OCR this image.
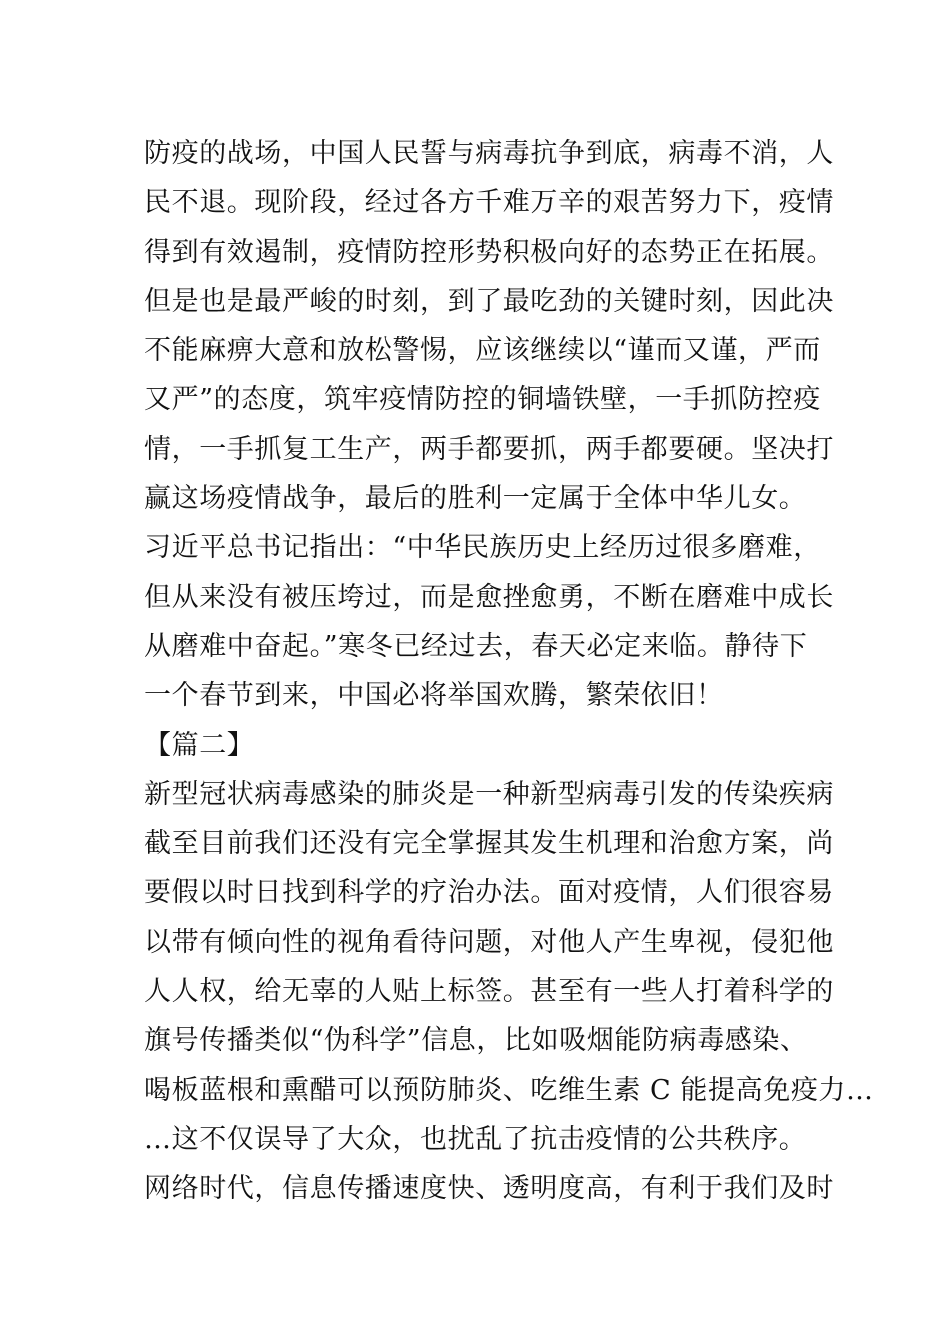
防疫的战场，中国人民誓与病毒抗争到底，病毒不消，人
民不退。现阶段，经过各方千难万辛的艰苦努力下，疫情
得到有效遏制，疫情防控形势积极向好的态势正在拓展。
但是也是最严峻的时刻，到了最吃劲的关键时刻，因此决
不能麻痹大意和放松警惕，应该继续以“谨而又谨，严而
又严”的态度，筑牢疫情防控的铜墙铁壁，一手抓防控疫
情，一手抓复工生产，两手都要抓，两手都要硬。坚决打
赢这场疫情战争，最后的胜利一定属于全体中华儿女。
习近平总书记指出：“中华民族历史上经历过很多磨难，
但从来没有被压垮过，而是愈挫愈勇，不断在磨难中成长
从磨难中奋起。”寒冬已经过去，春天必定来临。静待下
一个春节到来，中国必将举国欢腾，繁荣依旧！
【篇二】
新型冠状病毒感染的肺炎是一种新型病毒引发的传染疾病
截至目前我们还没有完全掌握其发生机理和治愈方案，尚
要假以时日找到科学的疗治办法。面对疫情，人们很容易
以带有倾向性的视角看待问题，对他人产生卑视，侵犯他
人人权，给无辜的人贴上标签。甚至有一些人打着科学的
旗号传播类似“伪科学”信息，比如吸烟能防病毒感染、
喝板蓝根和熏醋可以预防肺炎、吃维生素 C 能提高免疫力…
…这不仅误导了大众，也扰乱了抗击疫情的公共秩序。
网络时代，信息传播速度快、透明度高，有利于我们及时
